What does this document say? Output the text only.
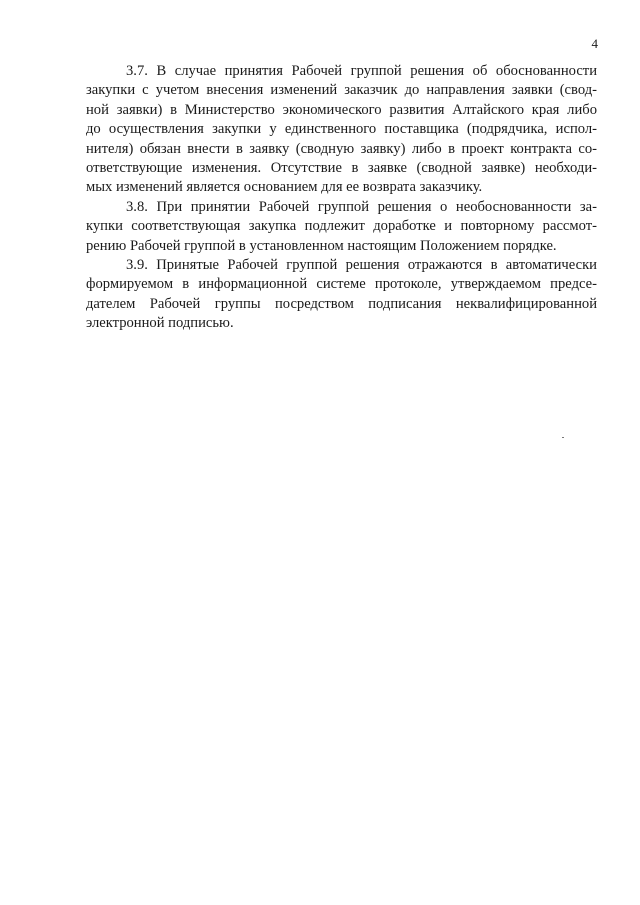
4
3.7. В случае принятия Рабочей группой решения об обоснованности
закупки с учетом внесения изменений заказчик до направления заявки (свод-
ной заявки) в Министерство экономического развития Алтайского края либо
до осуществления закупки у единственного поставщика (подрядчика, испол-
нителя) обязан внести в заявку (сводную заявку) либо в проект контракта со-
ответствующие изменения. Отсутствие в заявке (сводной заявке) необходи-
мых изменений является основанием для ее возврата заказчику.
3.8. При принятии Рабочей группой решения о необоснованности за-
купки соответствующая закупка подлежит доработке и повторному рассмот-
рению Рабочей группой в установленном настоящим Положением порядке.
3.9. Принятые Рабочей группой решения отражаются в автоматически
формируемом в информационной системе протоколе, утверждаемом предсе-
дателем Рабочей группы посредством подписания неквалифицированной
электронной подписью.
